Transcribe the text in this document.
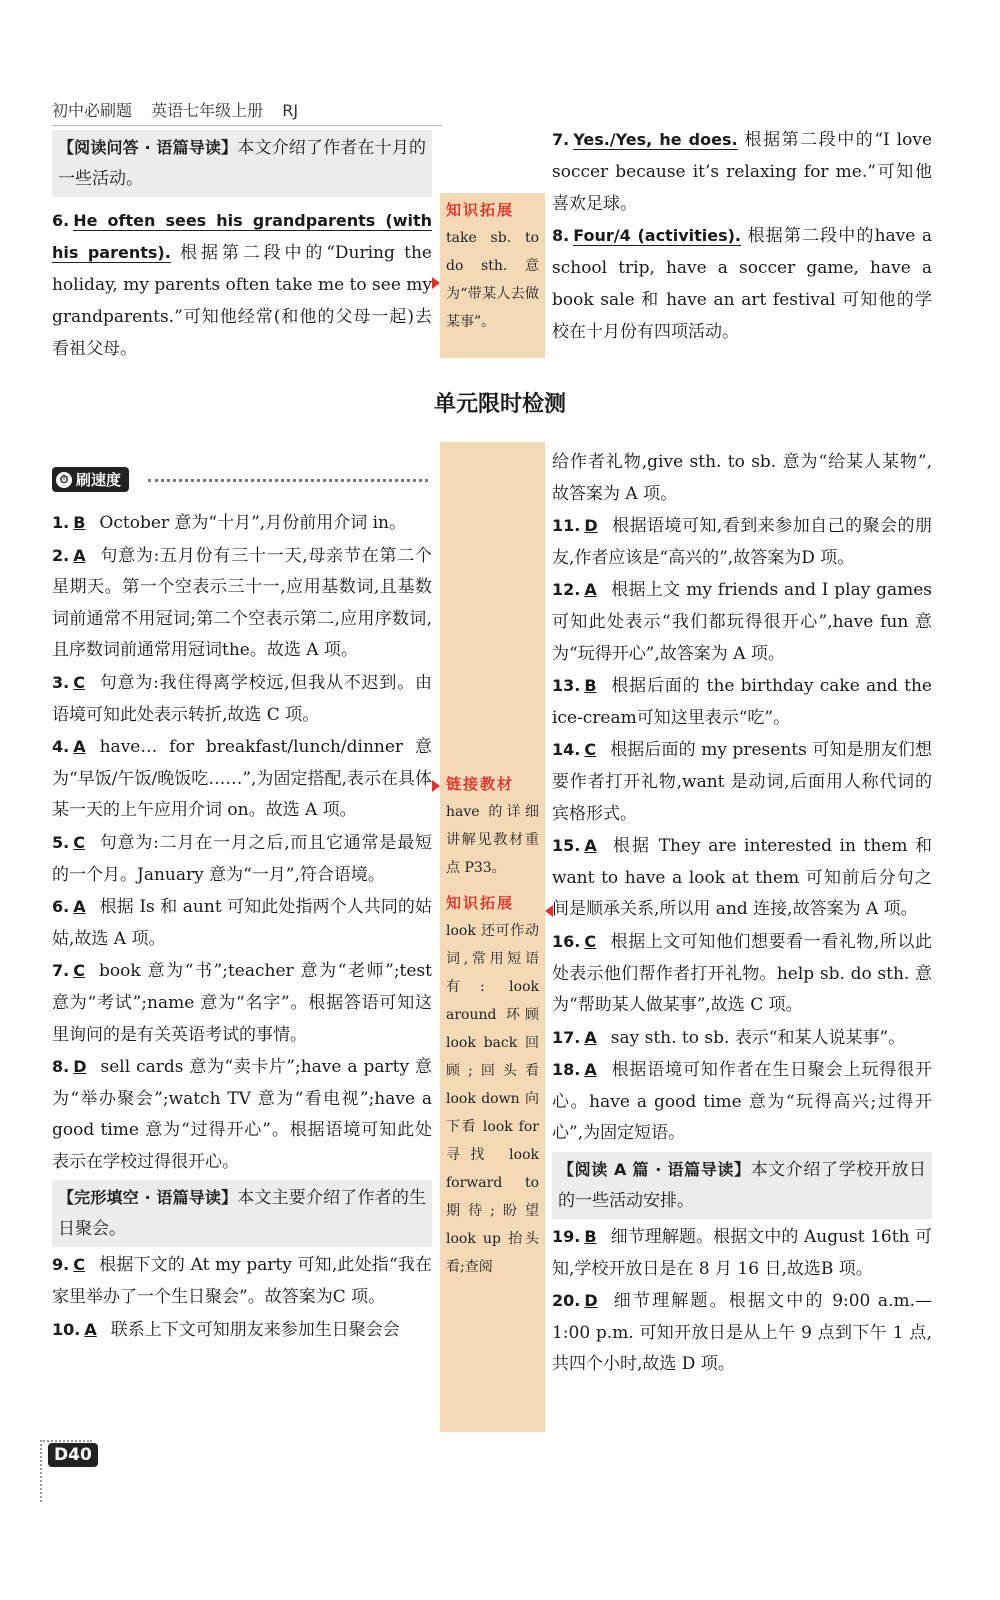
初中必刷题 英语七年级上册 RJ
【阅读问答 · 语篇导读】本文介绍了作者在十月的一些活动。

6. He often sees his grandparents (with his parents). 根据第二段中的“During the holiday, my parents often take me to see my grandparents.”可知他经常(和他的父母一起)去看祖父母。

知识拓展
take sb. to do sth. 意为“带某人去做某事”。

7. Yes./Yes, he does. 根据第二段中的“I love soccer because it’s relaxing for me.”可知他喜欢足球。

8. Four/4 (activities). 根据第二段中的have a school trip, have a soccer game, have a book sale 和 have an art festival 可知他的学校在十月份有四项活动。

单元限时检测
⏱ 刷速度

1. B October 意为“十月”,月份前用介词 in。

2. A 句意为:五月份有三十一天,母亲节在第二个星期天。第一个空表示三十一,应用基数词,且基数词前通常不用冠词;第二个空表示第二,应用序数词,且序数词前通常用冠词the。故选 A 项。

3. C 句意为:我住得离学校远,但我从不迟到。由语境可知此处表示转折,故选 C 项。

4. A have… for breakfast/lunch/dinner 意为“早饭/午饭/晚饭吃……”,为固定搭配,表示在具体某一天的上午应用介词 on。故选 A 项。

5. C 句意为:二月在一月之后,而且它通常是最短的一个月。January 意为“一月”,符合语境。

6. A 根据 Is 和 aunt 可知此处指两个人共同的姑姑,故选 A 项。

7. C book 意为“书”;teacher 意为“老师”;test 意为“考试”;name 意为“名字”。根据答语可知这里询问的是有关英语考试的事情。

8. D sell cards 意为“卖卡片”;have a party 意为“举办聚会”;watch TV 意为“看电视”;have a good time 意为“过得开心”。根据语境可知此处表示在学校过得很开心。

【完形填空 · 语篇导读】本文主要介绍了作者的生日聚会。

9. C 根据下文的 At my party 可知,此处指“我在家里举办了一个生日聚会”。故答案为C 项。

10. A 联系上下文可知朋友来参加生日聚会会

链接教材
have 的详细讲解见教材重点 P33。
知识拓展
look 还可作动词,常用短语有: look around 环顾 look back 回顾;回头看 look down 向下看 look for 寻找 look forward to 期待;盼望 look up 抬头看;查阅

给作者礼物,give sth. to sb. 意为“给某人某物”,故答案为 A 项。

11. D 根据语境可知,看到来参加自己的聚会的朋友,作者应该是“高兴的”,故答案为D 项。

12. A 根据上文 my friends and I play games 可知此处表示“我们都玩得很开心”,have fun 意为“玩得开心”,故答案为 A 项。

13. B 根据后面的 the birthday cake and the ice-cream可知这里表示“吃”。

14. C 根据后面的 my presents 可知是朋友们想要作者打开礼物,want 是动词,后面用人称代词的宾格形式。

15. A 根据 They are interested in them 和 want to have a look at them 可知前后分句之间是顺承关系,所以用 and 连接,故答案为 A 项。

16. C 根据上文可知他们想要看一看礼物,所以此处表示他们帮作者打开礼物。help sb. do sth. 意为“帮助某人做某事”,故选 C 项。

17. A say sth. to sb. 表示“和某人说某事”。

18. A 根据语境可知作者在生日聚会上玩得很开心。have a good time 意为“玩得高兴;过得开心”,为固定短语。

【阅读 A 篇 · 语篇导读】本文介绍了学校开放日的一些活动安排。

19. B 细节理解题。根据文中的 August 16th 可知,学校开放日是在 8 月 16 日,故选B 项。

20. D 细节理解题。根据文中的 9:00 a.m.—1:00 p.m. 可知开放日是从上午 9 点到下午 1 点,共四个小时,故选 D 项。

D40
